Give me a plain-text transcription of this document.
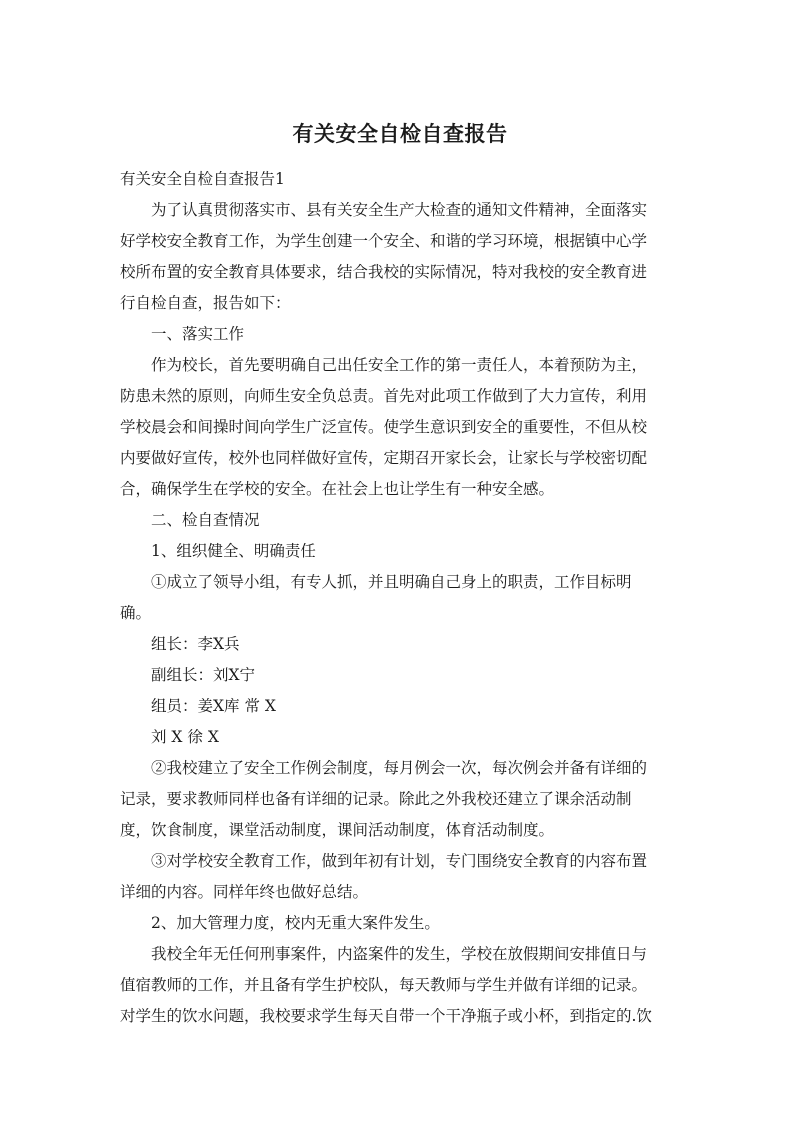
有关安全自检自查报告

有关安全自检自查报告1

为了认真贯彻落实市、县有关安全生产大检查的通知文件精神，全面落实

好学校安全教育工作，为学生创建一个安全、和谐的学习环境，根据镇中心学

校所布置的安全教育具体要求，结合我校的实际情况，特对我校的安全教育进

行自检自查，报告如下：

一、落实工作

作为校长，首先要明确自己出任安全工作的第一责任人，本着预防为主，

防患未然的原则，向师生安全负总责。首先对此项工作做到了大力宣传，利用

学校晨会和间操时间向学生广泛宣传。使学生意识到安全的重要性，不但从校

内要做好宣传，校外也同样做好宣传，定期召开家长会，让家长与学校密切配

合，确保学生在学校的安全。在社会上也让学生有一种安全感。

二、检自查情况

1、组织健全、明确责任

①成立了领导小组，有专人抓，并且明确自己身上的职责，工作目标明

确。

组长：李X兵

副组长：刘X宁

组员：姜X库 常 X

刘 X 徐 X

②我校建立了安全工作例会制度，每月例会一次，每次例会并备有详细的

记录，要求教师同样也备有详细的记录。除此之外我校还建立了课余活动制

度，饮食制度，课堂活动制度，课间活动制度，体育活动制度。

③对学校安全教育工作，做到年初有计划，专门围绕安全教育的内容布置

详细的内容。同样年终也做好总结。

2、加大管理力度，校内无重大案件发生。

我校全年无任何刑事案件，内盗案件的发生，学校在放假期间安排值日与

值宿教师的工作，并且备有学生护校队，每天教师与学生并做有详细的记录。

对学生的饮水问题，我校要求学生每天自带一个干净瓶子或小杯，到指定的.饮
